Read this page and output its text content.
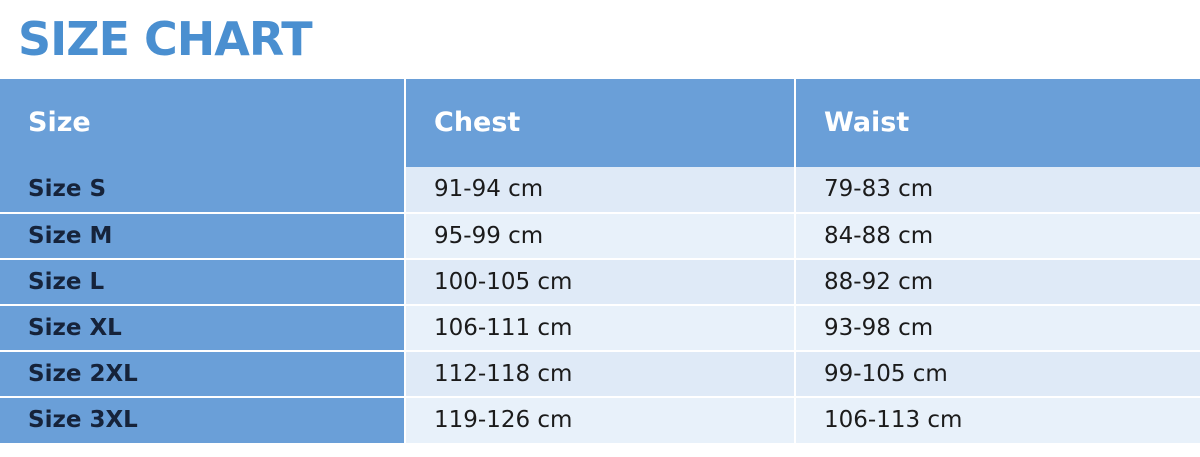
SIZE CHART
Size	Chest	Waist
Size S	91-94 cm	79-83 cm
Size M	95-99 cm	84-88 cm
Size L	100-105 cm	88-92 cm
Size XL	106-111 cm	93-98 cm
Size 2XL	112-118 cm	99-105 cm
Size 3XL	119-126 cm	106-113 cm
